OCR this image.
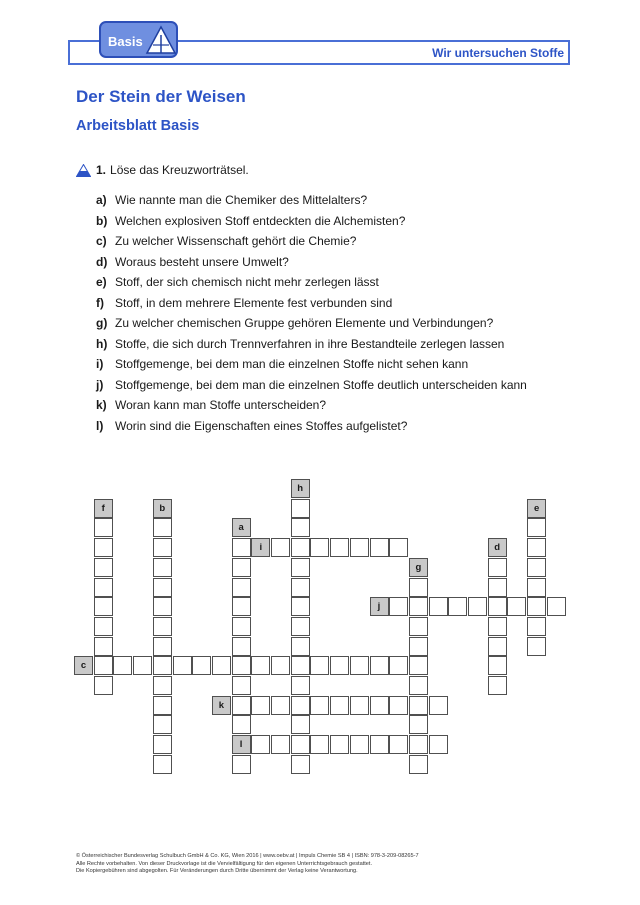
Basis
Wir untersuchen Stoffe
Der Stein der Weisen
Arbeitsblatt Basis
1. Löse das Kreuzworträtsel.
a) Wie nannte man die Chemiker des Mittelalters?
b) Welchen explosiven Stoff entdeckten die Alchemisten?
c) Zu welcher Wissenschaft gehört die Chemie?
d) Woraus besteht unsere Umwelt?
e) Stoff, der sich chemisch nicht mehr zerlegen lässt
f) Stoff, in dem mehrere Elemente fest verbunden sind
g) Zu welcher chemischen Gruppe gehören Elemente und Verbindungen?
h) Stoffe, die sich durch Trennverfahren in ihre Bestandteile zerlegen lassen
i) Stoffgemenge, bei dem man die einzelnen Stoffe nicht sehen kann
j) Stoffgemenge, bei dem man die einzelnen Stoffe deutlich unterscheiden kann
k) Woran kann man Stoffe unterscheiden?
l) Worin sind die Eigenschaften eines Stoffes aufgelistet?
f	b
a
h
i
g
j
d
e
c
k
l
© Österreichischer Bundesverlag Schulbuch GmbH & Co. KG, Wien 2016 | www.oebv.at | Impuls Chemie SB 4 | ISBN: 978-3-209-08265-7
Alle Rechte vorbehalten. Von dieser Druckvorlage ist die Vervielfältigung für den eigenen Unterrichtsgebrauch gestattet.
Die Kopiergebühren sind abgegolten. Für Veränderungen durch Dritte übernimmt der Verlag keine Verantwortung.
